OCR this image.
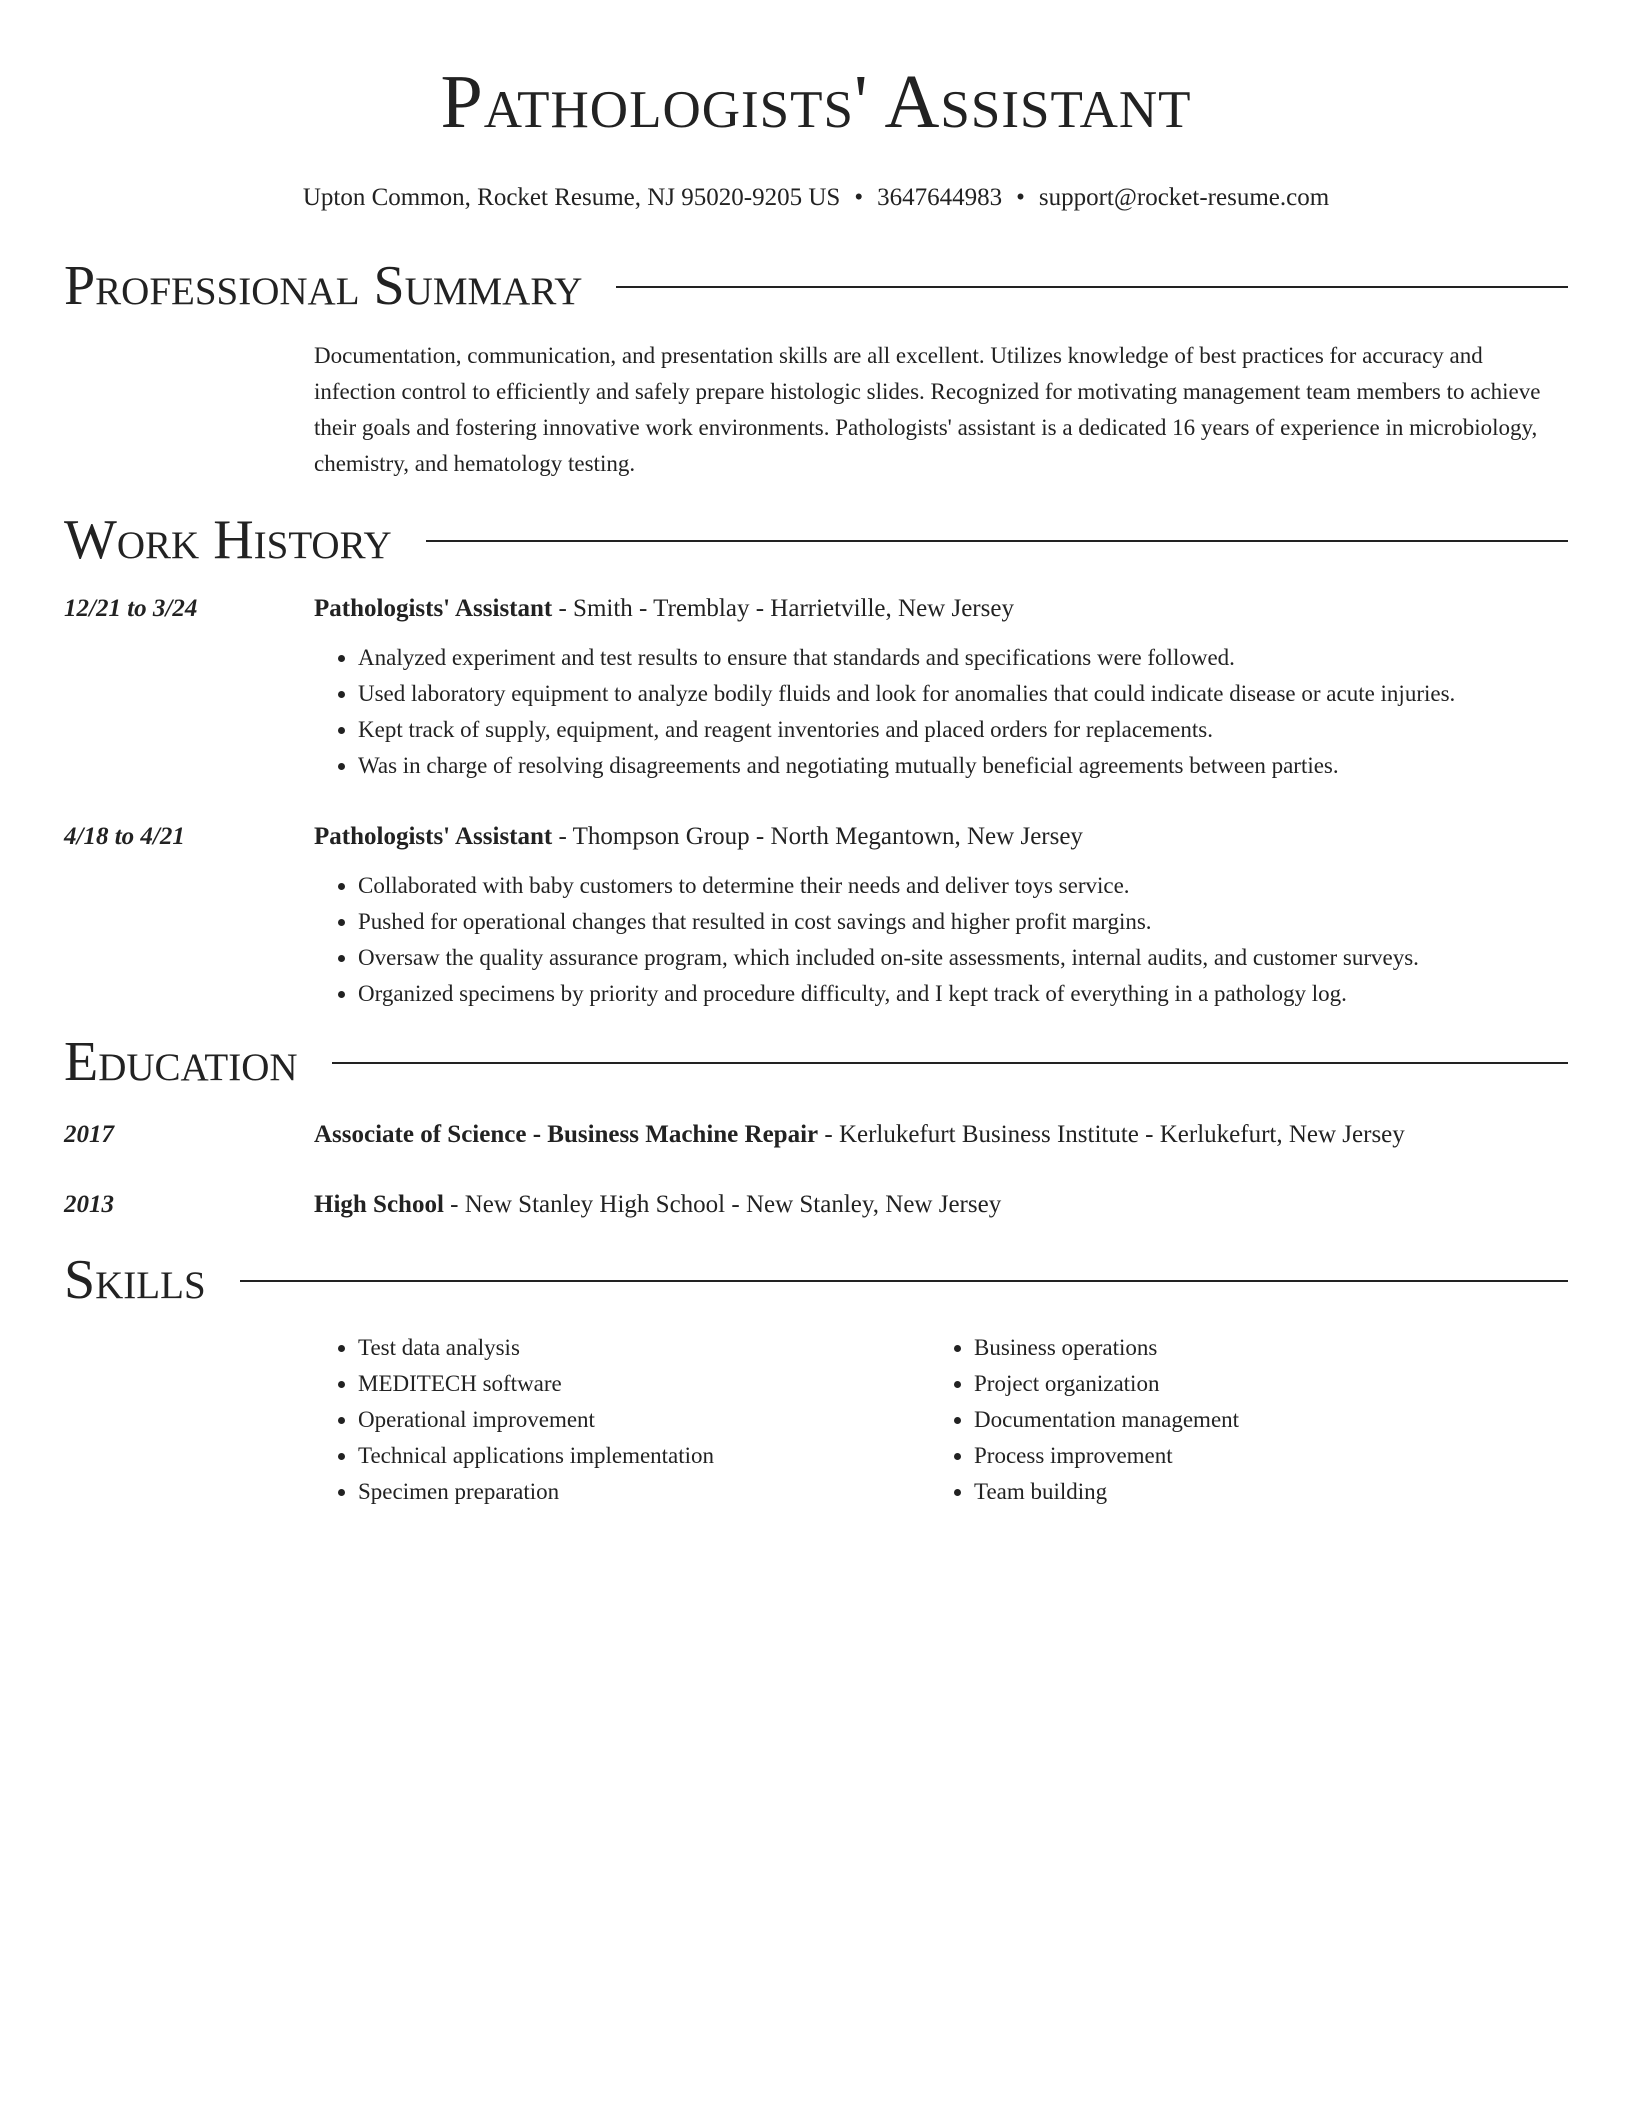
Pathologists' Assistant
Upton Common, Rocket Resume, NJ 95020-9205 US • 3647644983 • support@rocket-resume.com
Professional Summary
Documentation, communication, and presentation skills are all excellent. Utilizes knowledge of best practices for accuracy and infection control to efficiently and safely prepare histologic slides. Recognized for motivating management team members to achieve their goals and fostering innovative work environments. Pathologists' assistant is a dedicated 16 years of experience in microbiology, chemistry, and hematology testing.
Work History
12/21 to 3/24	Pathologists' Assistant - Smith - Tremblay - Harrietville, New Jersey
• Analyzed experiment and test results to ensure that standards and specifications were followed.
• Used laboratory equipment to analyze bodily fluids and look for anomalies that could indicate disease or acute injuries.
• Kept track of supply, equipment, and reagent inventories and placed orders for replacements.
• Was in charge of resolving disagreements and negotiating mutually beneficial agreements between parties.
4/18 to 4/21	Pathologists' Assistant - Thompson Group - North Megantown, New Jersey
• Collaborated with baby customers to determine their needs and deliver toys service.
• Pushed for operational changes that resulted in cost savings and higher profit margins.
• Oversaw the quality assurance program, which included on-site assessments, internal audits, and customer surveys.
• Organized specimens by priority and procedure difficulty, and I kept track of everything in a pathology log.
Education
2017	Associate of Science - Business Machine Repair - Kerlukefurt Business Institute - Kerlukefurt, New Jersey
2013	High School - New Stanley High School - New Stanley, New Jersey
Skills
• Test data analysis
• MEDITECH software
• Operational improvement
• Technical applications implementation
• Specimen preparation
• Business operations
• Project organization
• Documentation management
• Process improvement
• Team building
